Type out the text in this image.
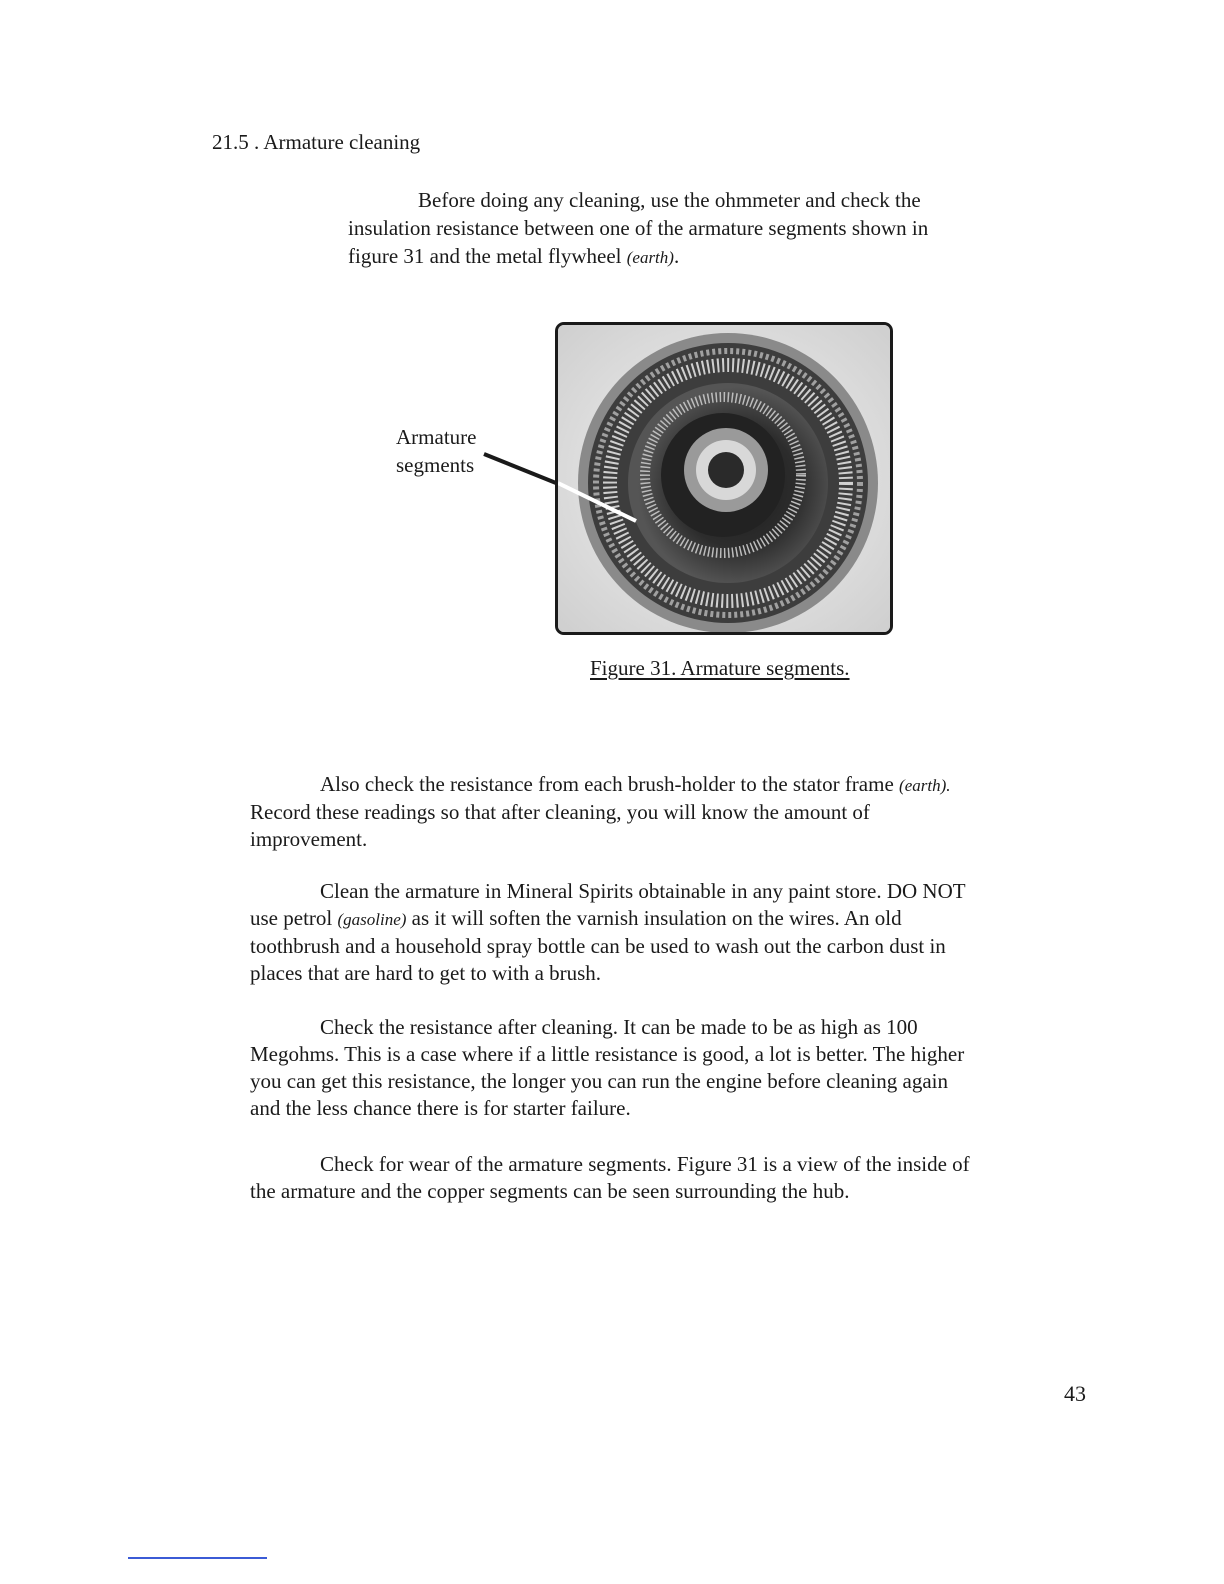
21.5 . Armature cleaning
Before doing any cleaning, use the ohmmeter and check the insulation resistance between one of the armature segments shown in figure 31 and the metal flywheel (earth).
Armature
segments
Figure 31. Armature segments.
Also check the resistance from each brush-holder to the stator frame (earth). Record these readings so that after cleaning, you will know the amount of improvement.
Clean the armature in Mineral Spirits obtainable in any paint store. DO NOT use petrol (gasoline) as it will soften the varnish insulation on the wires. An old toothbrush and a household spray bottle can be used to wash out the carbon dust in places that are hard to get to with a brush.
Check the resistance after cleaning. It can be made to be as high as 100 Megohms. This is a case where if a little resistance is good, a lot is better. The higher you can get this resistance, the longer you can run the engine before cleaning again and the less chance there is for starter failure.
Check for wear of the armature segments. Figure 31 is a view of the inside of the armature and the copper segments can be seen surrounding the hub.
43
